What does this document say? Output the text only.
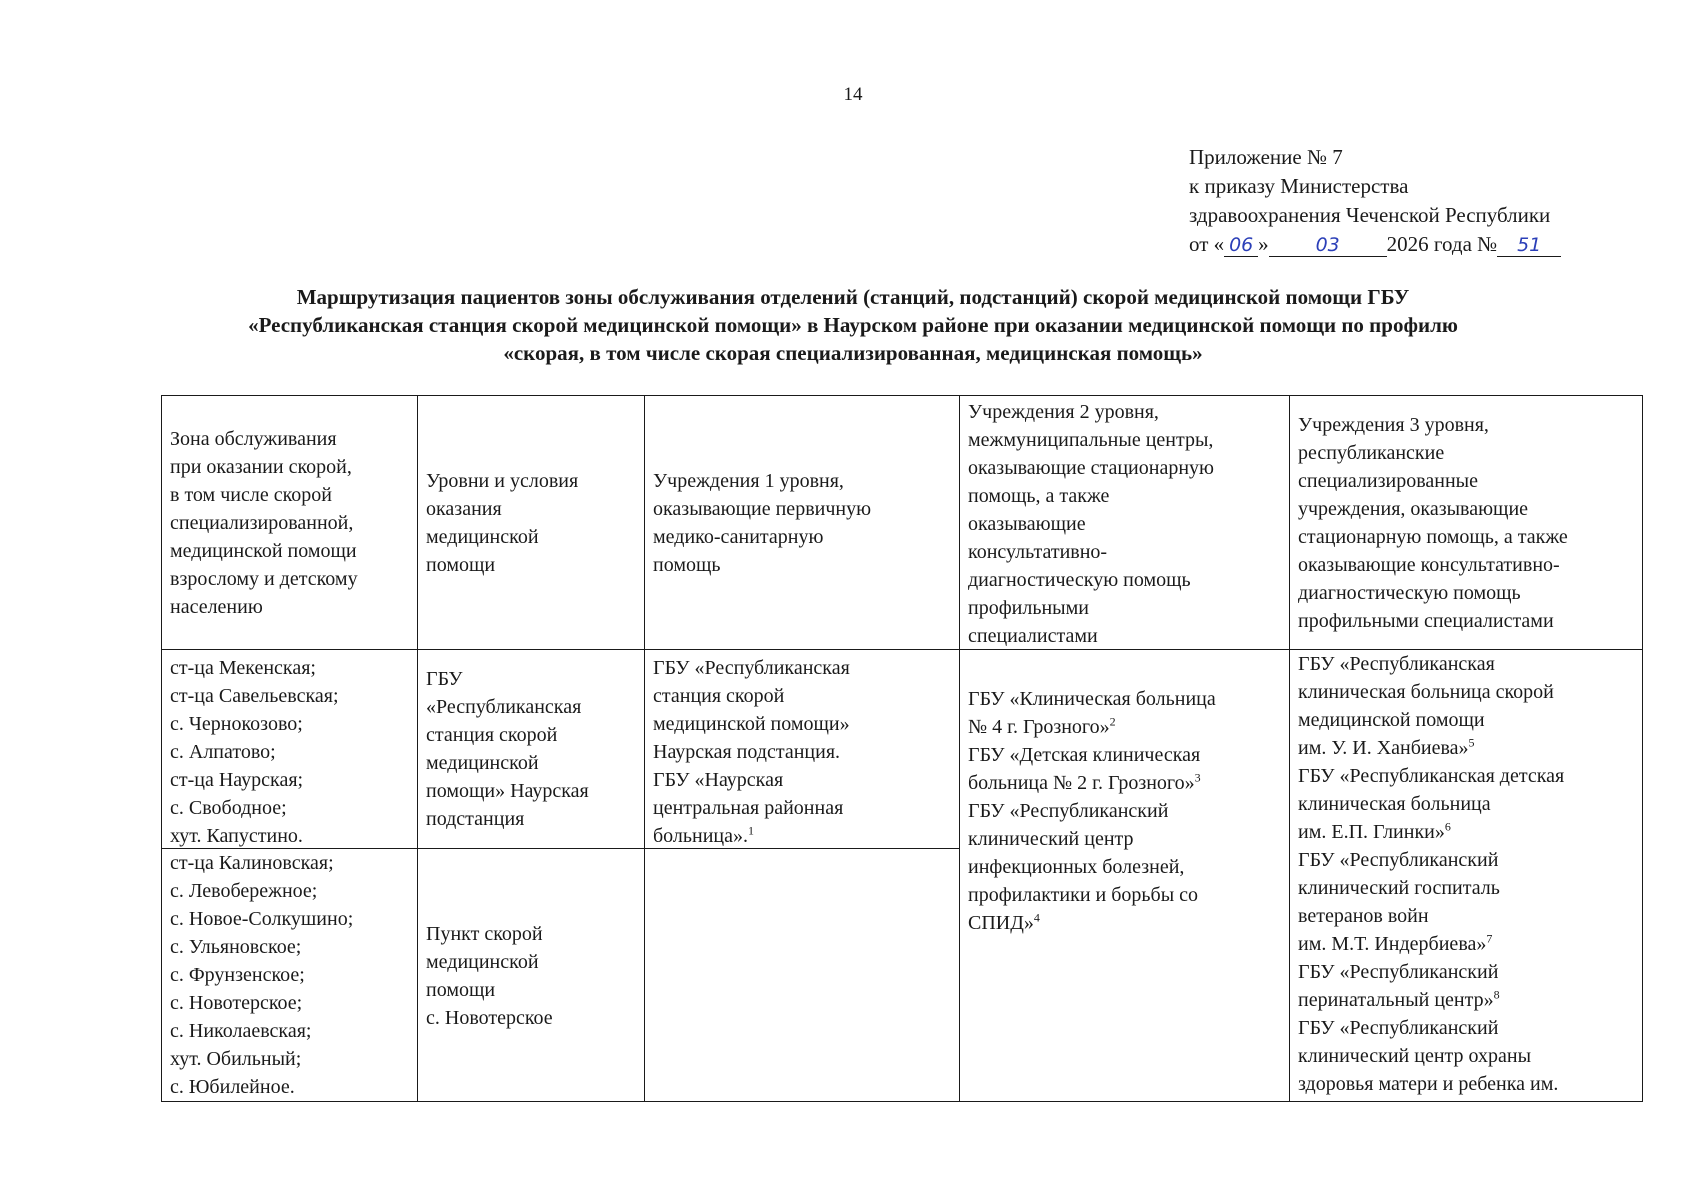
14
Приложение № 7
к приказу Министерства
здравоохранения Чеченской Республики
от « 06 » 03 2026 года № 51
Маршрутизация пациентов зоны обслуживания отделений (станций, подстанций) скорой медицинской помощи ГБУ
«Республиканская станция скорой медицинской помощи» в Наурском районе при оказании медицинской помощи по профилю
«скорая, в том числе скорая специализированная, медицинская помощь»
Зона обслуживания
при оказании скорой,
в том числе скорой
специализированной,
медицинской помощи
взрослому и детскому
населению
Уровни и условия
оказания
медицинской
помощи
Учреждения 1 уровня,
оказывающие первичную
медико-санитарную
помощь
Учреждения 2 уровня,
межмуниципальные центры,
оказывающие стационарную
помощь, а также
оказывающие
консультативно-
диагностическую помощь
профильными
специалистами
Учреждения 3 уровня,
республиканские
специализированные
учреждения, оказывающие
стационарную помощь, а также
оказывающие консультативно-
диагностическую помощь
профильными специалистами
ст-ца Мекенская;
ст-ца Савельевская;
с. Чернокозово;
с. Алпатово;
ст-ца Наурская;
с. Свободное;
хут. Капустино.
ГБУ
«Республиканская
станция скорой
медицинской
помощи» Наурская
подстанция
ГБУ «Республиканская
станция скорой
медицинской помощи»
Наурская подстанция.
ГБУ «Наурская
центральная районная
больница».$^1$
ГБУ «Клиническая больница
№ 4 г. Грозного»$^2$
ГБУ «Детская клиническая
больница № 2 г. Грозного»$^3$
ГБУ «Республиканский
клинический центр
инфекционных болезней,
профилактики и борьбы со
СПИД»$^4$
ГБУ «Республиканская
клиническая больница скорой
медицинской помощи
им. У. И. Ханбиева»$^5$
ГБУ «Республиканская детская
клиническая больница
им. Е.П. Глинки»$^6$
ГБУ «Республиканский
клинический госпиталь
ветеранов войн
им. М.Т. Индербиева»$^7$
ГБУ «Республиканский
перинатальный центр»$^8$
ГБУ «Республиканский
клинический центр охраны
здоровья матери и ребенка им.
ст-ца Калиновская;
с. Левобережное;
с. Новое-Солкушино;
с. Ульяновское;
с. Фрунзенское;
с. Новотерское;
с. Николаевская;
хут. Обильный;
с. Юбилейное.
Пункт скорой
медицинской
помощи
с. Новотерское
